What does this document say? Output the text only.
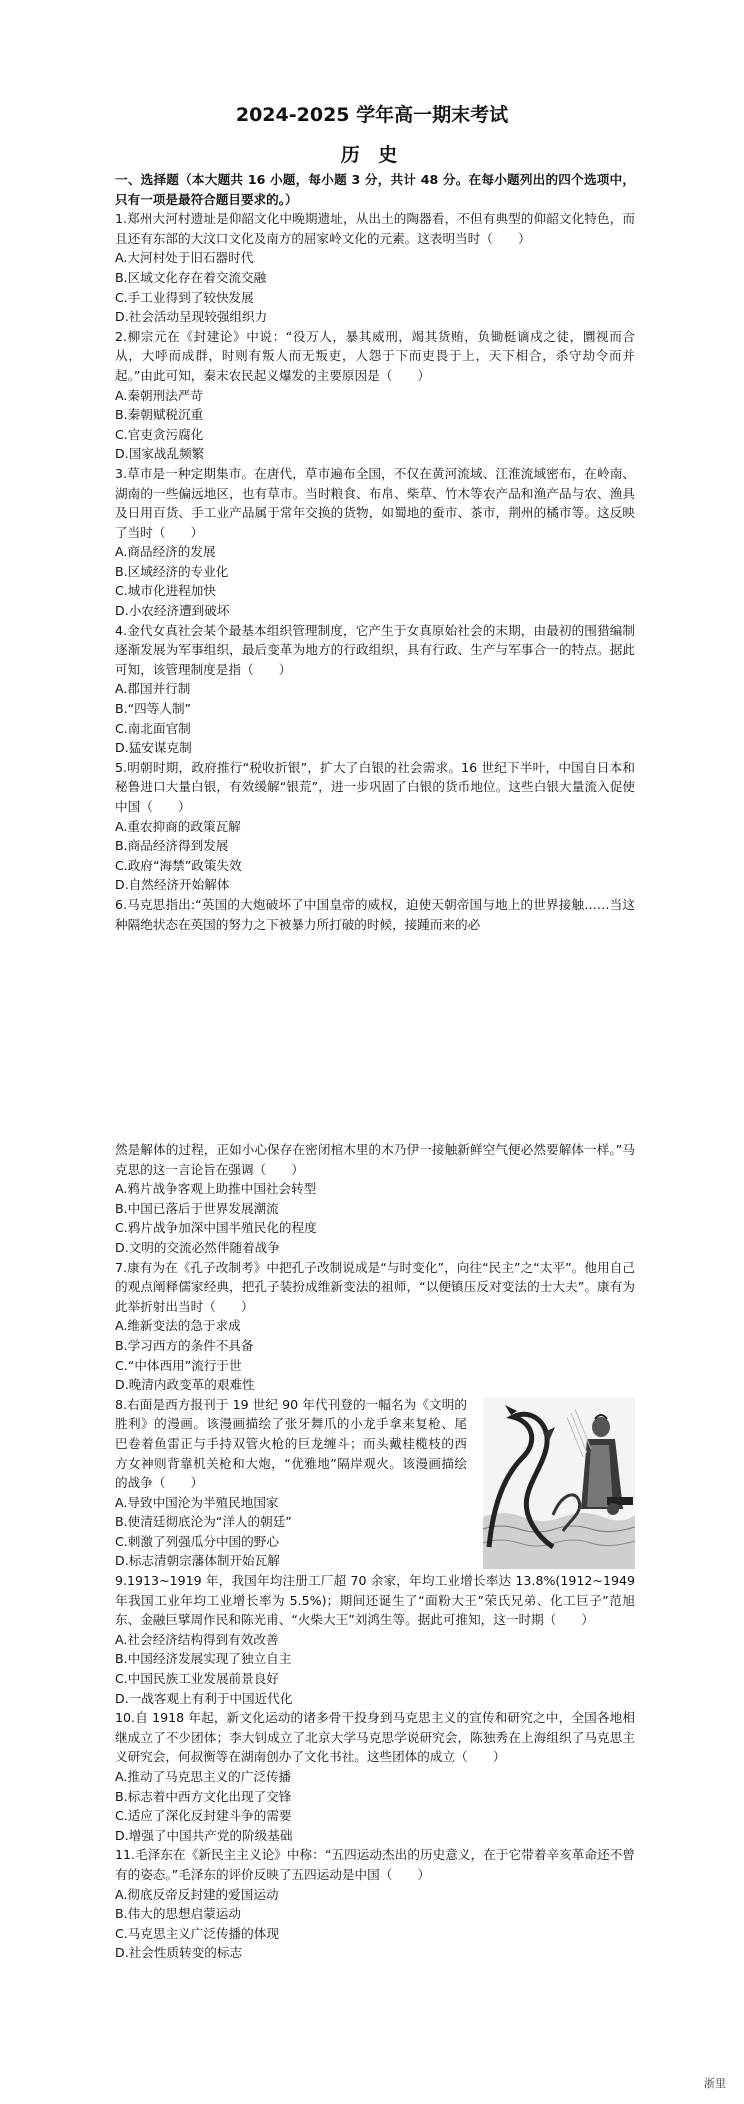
2024-2025 学年高一期末考试
历 史

一、选择题（本大题共 16 小题，每小题 3 分，共计 48 分。在每小题列出的四个选项中，只有一项是最符合题目要求的。）

1.郑州大河村遗址是仰韶文化中晚期遗址，从出土的陶器看，不但有典型的仰韶文化特色，而且还有东部的大汶口文化及南方的屈家岭文化的元素。这表明当时（　　）

A.大河村处于旧石器时代

B.区域文化存在着交流交融

C.手工业得到了较快发展

D.社会活动呈现较强组织力

2.柳宗元在《封建论》中说：“役万人，暴其威刑，竭其货贿，负锄梃谪戍之徒，圜视而合从，大呼而成群，时则有叛人而无叛吏，人怨于下而吏畏于上，天下相合，杀守劫令而并起。”由此可知，秦末农民起义爆发的主要原因是（　　）

A.秦朝刑法严苛

B.秦朝赋税沉重

C.官吏贪污腐化

D.国家战乱频繁

3.草市是一种定期集市。在唐代，草市遍布全国，不仅在黄河流域、江淮流域密布，在岭南、湖南的一些偏远地区，也有草市。当时粮食、布帛、柴草、竹木等农产品和渔产品与农、渔具及日用百货、手工业产品属于常年交换的货物，如蜀地的蚕市、茶市，荆州的橘市等。这反映了当时（　　）

A.商品经济的发展

B.区域经济的专业化

C.城市化进程加快

D.小农经济遭到破坏

4.金代女真社会某个最基本组织管理制度，它产生于女真原始社会的末期，由最初的围猎编制逐渐发展为军事组织，最后变革为地方的行政组织，具有行政、生产与军事合一的特点。据此可知，该管理制度是指（　　）

A.郡国并行制

B.“四等人制”

C.南北面官制

D.猛安谋克制

5.明朝时期，政府推行“税收折银”，扩大了白银的社会需求。16 世纪下半叶，中国自日本和秘鲁进口大量白银，有效缓解“银荒”，进一步巩固了白银的货币地位。这些白银大量流入促使中国（　　）

A.重农抑商的政策瓦解

B.商品经济得到发展

C.政府“海禁”政策失效

D.自然经济开始解体

6.马克思指出:“英国的大炮破坏了中国皇帝的威权，迫使天朝帝国与地上的世界接触……当这种隔绝状态在英国的努力之下被暴力所打破的时候，接踵而来的必

然是解体的过程，正如小心保存在密闭棺木里的木乃伊一接触新鲜空气便必然要解体一样。”马克思的这一言论旨在强调（　　）

A.鸦片战争客观上助推中国社会转型

B.中国已落后于世界发展潮流

C.鸦片战争加深中国半殖民化的程度

D.文明的交流必然伴随着战争

7.康有为在《孔子改制考》中把孔子改制说成是“与时变化”，向往“民主”之“太平”。他用自己的观点阐释儒家经典，把孔子装扮成维新变法的祖师，“以便镇压反对变法的士大夫”。康有为此举折射出当时（　　）

A.维新变法的急于求成

B.学习西方的条件不具备

C.“中体西用”流行于世

D.晚清内政变革的艰难性

8.右面是西方报刊于 19 世纪 90 年代刊登的一幅名为《文明的胜利》的漫画。该漫画描绘了张牙舞爪的小龙手拿来复枪、尾巴卷着鱼雷正与手持双管火枪的巨龙缠斗；而头戴桂榄枝的西方女神则背靠机关枪和大炮，“优雅地”隔岸观火。该漫画描绘的战争（　　）

A.导致中国沦为半殖民地国家

B.使清廷彻底沦为“洋人的朝廷”

C.刺激了列强瓜分中国的野心

D.标志清朝宗藩体制开始瓦解

9.1913~1919 年，我国年均注册工厂超 70 余家，年均工业增长率达 13.8%(1912~1949 年我国工业年均工业增长率为 5.5%)；期间还诞生了“面粉大王”荣氏兄弟、化工巨子”范旭东、金融巨擘周作民和陈光甫、“火柴大王”刘鸿生等。据此可推知，这一时期（　　）

A.社会经济结构得到有效改善

B.中国经济发展实现了独立自主

C.中国民族工业发展前景良好

D.一战客观上有利于中国近代化

10.自 1918 年起，新文化运动的诸多骨干投身到马克思主义的宣传和研究之中，全国各地相继成立了不少团体；李大钊成立了北京大学马克思学说研究会，陈独秀在上海组织了马克思主义研究会，何叔衡等在湖南创办了文化书社。这些团体的成立（　　）

A.推动了马克思主义的广泛传播

B.标志着中西方文化出现了交锋

C.适应了深化反封建斗争的需要

D.增强了中国共产党的阶级基础

11.毛泽东在《新民主主义论》中称：“五四运动杰出的历史意义，在于它带着辛亥革命还不曾有的姿态。”毛泽东的评价反映了五四运动是中国（　　）

A.彻底反帝反封建的爱国运动

B.伟大的思想启蒙运动

C.马克思主义广泛传播的体现

D.社会性质转变的标志

浙里
